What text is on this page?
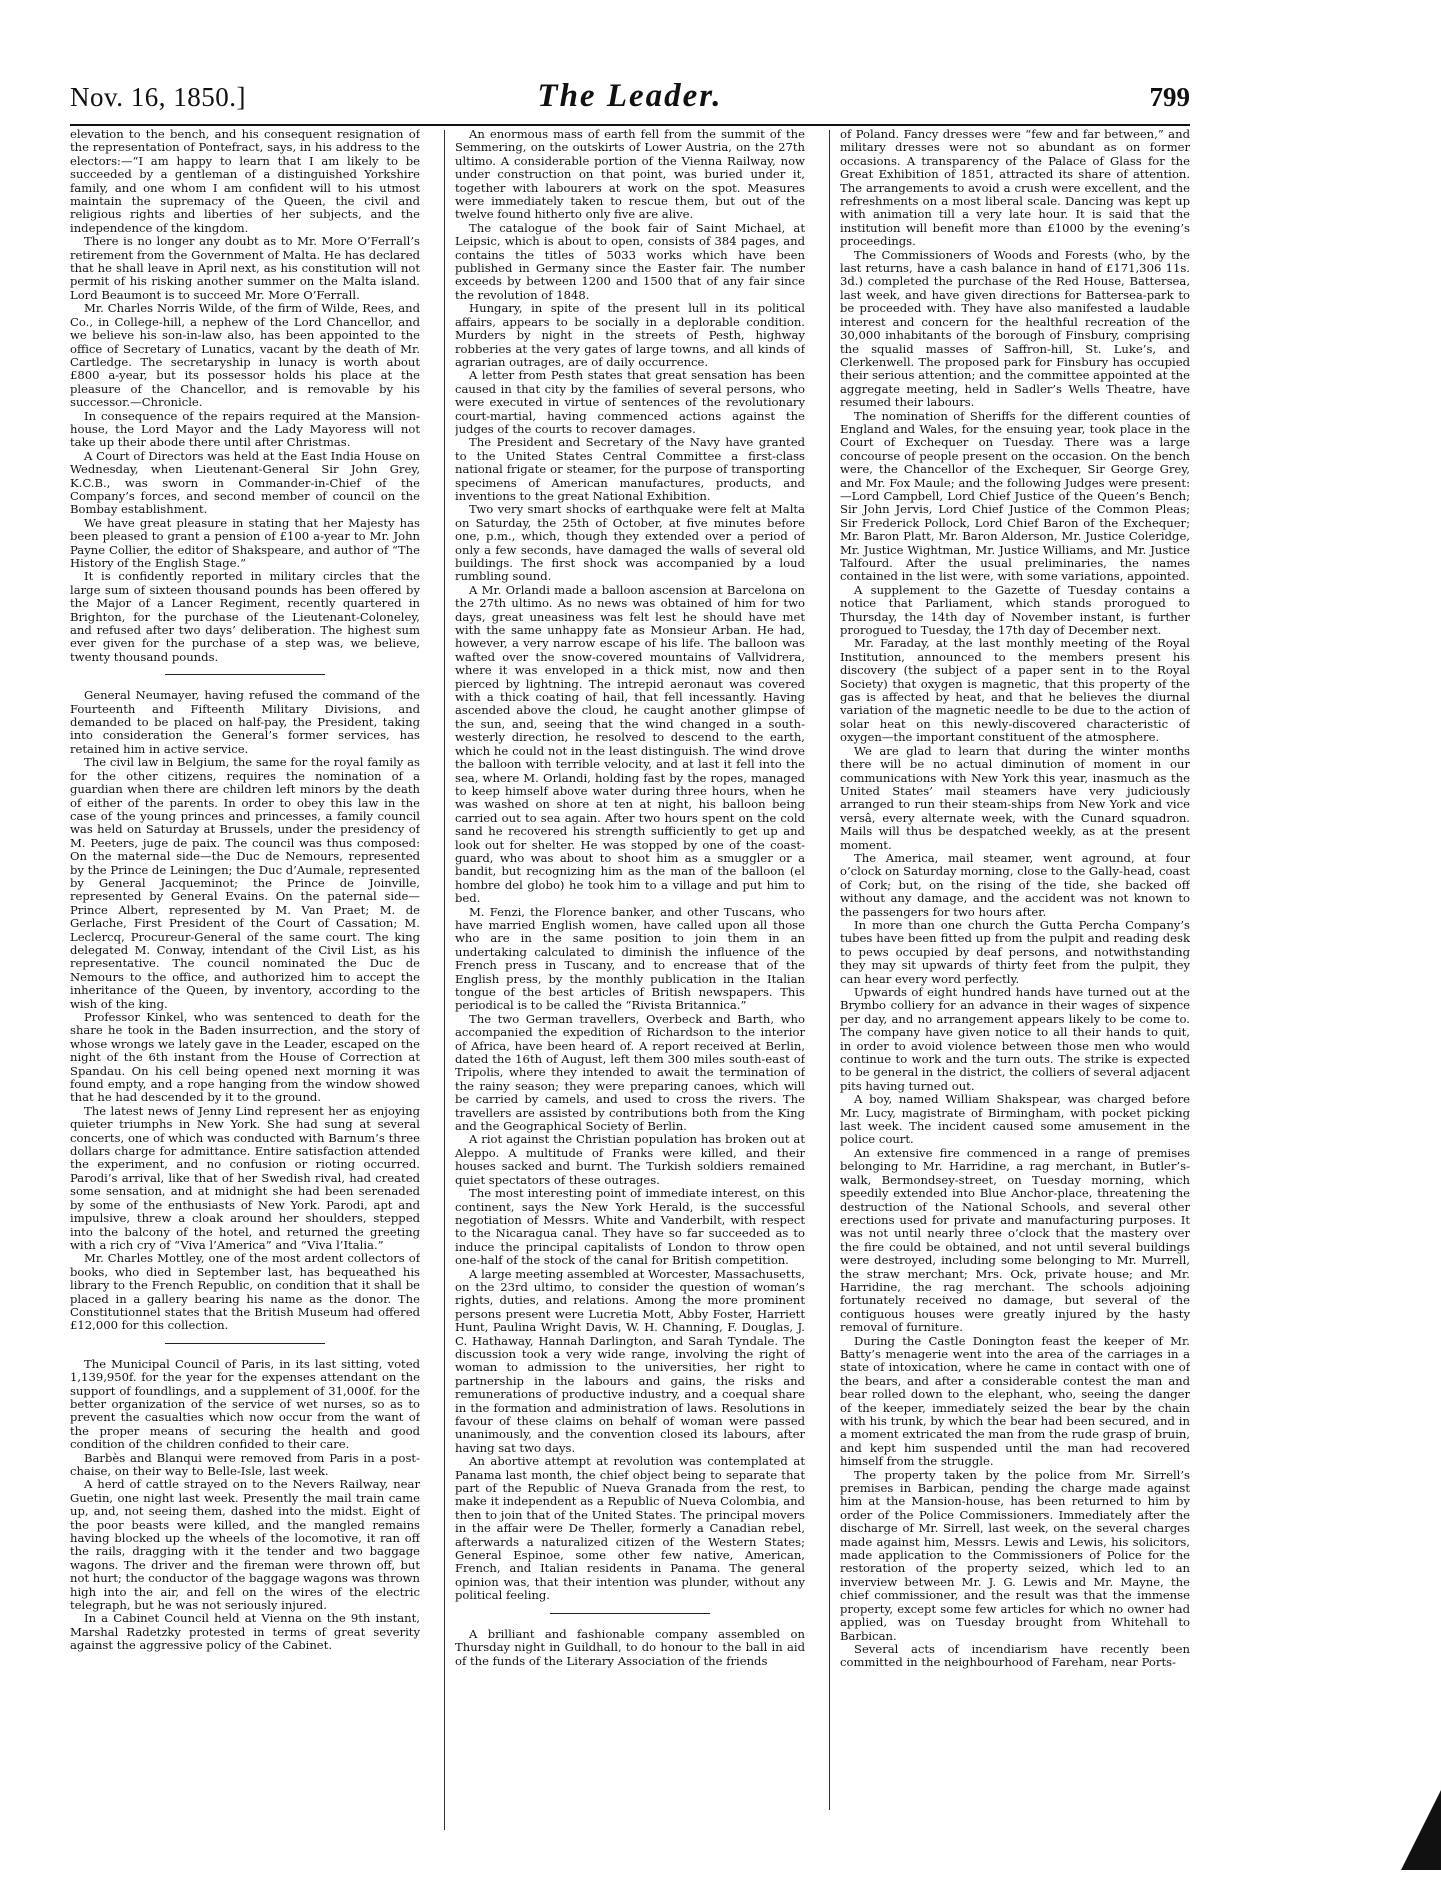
Nov. 16, 1850.]	The Leader.	799

elevation to the bench, and his consequent resignation of the representation of Pontefract, says, in his address to the electors:—“I am happy to learn that I am likely to be succeeded by a gentleman of a distinguished Yorkshire family, and one whom I am confident will to his utmost maintain the supremacy of the Queen, the civil and religious rights and liberties of her subjects, and the independence of the kingdom.

There is no longer any doubt as to Mr. More O’Ferrall’s retirement from the Government of Malta. He has declared that he shall leave in April next, as his constitution will not permit of his risking another summer on the Malta island. Lord Beaumont is to succeed Mr. More O’Ferrall.

Mr. Charles Norris Wilde, of the firm of Wilde, Rees, and Co., in College-hill, a nephew of the Lord Chancellor, and we believe his son-in-law also, has been appointed to the office of Secretary of Lunatics, vacant by the death of Mr. Cartledge. The secretaryship in lunacy is worth about £800 a-year, but its possessor holds his place at the pleasure of the Chancellor, and is removable by his successor.—Chronicle.

In consequence of the repairs required at the Mansion-house, the Lord Mayor and the Lady Mayoress will not take up their abode there until after Christmas.

A Court of Directors was held at the East India House on Wednesday, when Lieutenant-General Sir John Grey, K.C.B., was sworn in Commander-in-Chief of the Company’s forces, and second member of council on the Bombay establishment.

We have great pleasure in stating that her Majesty has been pleased to grant a pension of £100 a-year to Mr. John Payne Collier, the editor of Shakspeare, and author of “The History of the English Stage.”

It is confidently reported in military circles that the large sum of sixteen thousand pounds has been offered by the Major of a Lancer Regiment, recently quartered in Brighton, for the purchase of the Lieutenant-Coloneley, and refused after two days’ deliberation. The highest sum ever given for the purchase of a step was, we believe, twenty thousand pounds.

General Neumayer, having refused the command of the Fourteenth and Fifteenth Military Divisions, and demanded to be placed on half-pay, the President, taking into consideration the General’s former services, has retained him in active service.

The civil law in Belgium, the same for the royal family as for the other citizens, requires the nomination of a guardian when there are children left minors by the death of either of the parents. In order to obey this law in the case of the young princes and princesses, a family council was held on Saturday at Brussels, under the presidency of M. Peeters, juge de paix. The council was thus composed: On the maternal side—the Duc de Nemours, represented by the Prince de Leiningen; the Duc d’Aumale, represented by General Jacqueminot; the Prince de Joinville, represented by General Evains. On the paternal side—Prince Albert, represented by M. Van Praet; M. de Gerlache, First President of the Court of Cassation; M. Leclercq, Procureur-General of the same court. The king delegated M. Conway, intendant of the Civil List, as his representative. The council nominated the Duc de Nemours to the office, and authorized him to accept the inheritance of the Queen, by inventory, according to the wish of the king.

Professor Kinkel, who was sentenced to death for the share he took in the Baden insurrection, and the story of whose wrongs we lately gave in the Leader, escaped on the night of the 6th instant from the House of Correction at Spandau. On his cell being opened next morning it was found empty, and a rope hanging from the window showed that he had descended by it to the ground.

The latest news of Jenny Lind represent her as enjoying quieter triumphs in New York. She had sung at several concerts, one of which was conducted with Barnum’s three dollars charge for admittance. Entire satisfaction attended the experiment, and no confusion or rioting occurred. Parodi’s arrival, like that of her Swedish rival, had created some sensation, and at midnight she had been serenaded by some of the enthusiasts of New York. Parodi, apt and impulsive, threw a cloak around her shoulders, stepped into the balcony of the hotel, and returned the greeting with a rich cry of “Viva l’America” and “Viva l’Italia.”

Mr. Charles Mottley, one of the most ardent collectors of books, who died in September last, has bequeathed his library to the French Republic, on condition that it shall be placed in a gallery bearing his name as the donor. The Constitutionnel states that the British Museum had offered £12,000 for this collection.

The Municipal Council of Paris, in its last sitting, voted 1,139,950f. for the year for the expenses attendant on the support of foundlings, and a supplement of 31,000f. for the better organization of the service of wet nurses, so as to prevent the casualties which now occur from the want of the proper means of securing the health and good condition of the children confided to their care.

Barbès and Blanqui were removed from Paris in a post-chaise, on their way to Belle-Isle, last week.

A herd of cattle strayed on to the Nevers Railway, near Guetin, one night last week. Presently the mail train came up, and, not seeing them, dashed into the midst. Eight of the poor beasts were killed, and the mangled remains having blocked up the wheels of the locomotive, it ran off the rails, dragging with it the tender and two baggage wagons. The driver and the fireman were thrown off, but not hurt; the conductor of the baggage wagons was thrown high into the air, and fell on the wires of the electric telegraph, but he was not seriously injured.

In a Cabinet Council held at Vienna on the 9th instant, Marshal Radetzky protested in terms of great severity against the aggressive policy of the Cabinet.

An enormous mass of earth fell from the summit of the Semmering, on the outskirts of Lower Austria, on the 27th ultimo. A considerable portion of the Vienna Railway, now under construction on that point, was buried under it, together with labourers at work on the spot. Measures were immediately taken to rescue them, but out of the twelve found hitherto only five are alive.

The catalogue of the book fair of Saint Michael, at Leipsic, which is about to open, consists of 384 pages, and contains the titles of 5033 works which have been published in Germany since the Easter fair. The number exceeds by between 1200 and 1500 that of any fair since the revolution of 1848.

Hungary, in spite of the present lull in its political affairs, appears to be socially in a deplorable condition. Murders by night in the streets of Pesth, highway robberies at the very gates of large towns, and all kinds of agrarian outrages, are of daily occurrence.

A letter from Pesth states that great sensation has been caused in that city by the families of several persons, who were executed in virtue of sentences of the revolutionary court-martial, having commenced actions against the judges of the courts to recover damages.

The President and Secretary of the Navy have granted to the United States Central Committee a first-class national frigate or steamer, for the purpose of transporting specimens of American manufactures, products, and inventions to the great National Exhibition.

Two very smart shocks of earthquake were felt at Malta on Saturday, the 25th of October, at five minutes before one, p.m., which, though they extended over a period of only a few seconds, have damaged the walls of several old buildings. The first shock was accompanied by a loud rumbling sound.

A Mr. Orlandi made a balloon ascension at Barcelona on the 27th ultimo. As no news was obtained of him for two days, great uneasiness was felt lest he should have met with the same unhappy fate as Monsieur Arban. He had, however, a very narrow escape of his life. The balloon was wafted over the snow-covered mountains of Vallvidrera, where it was enveloped in a thick mist, now and then pierced by lightning. The intrepid aeronaut was covered with a thick coating of hail, that fell incessantly. Having ascended above the cloud, he caught another glimpse of the sun, and, seeing that the wind changed in a south-westerly direction, he resolved to descend to the earth, which he could not in the least distinguish. The wind drove the balloon with terrible velocity, and at last it fell into the sea, where M. Orlandi, holding fast by the ropes, managed to keep himself above water during three hours, when he was washed on shore at ten at night, his balloon being carried out to sea again. After two hours spent on the cold sand he recovered his strength sufficiently to get up and look out for shelter. He was stopped by one of the coast-guard, who was about to shoot him as a smuggler or a bandit, but recognizing him as the man of the balloon (el hombre del globo) he took him to a village and put him to bed.

M. Fenzi, the Florence banker, and other Tuscans, who have married English women, have called upon all those who are in the same position to join them in an undertaking calculated to diminish the influence of the French press in Tuscany, and to encrease that of the English press, by the monthly publication in the Italian tongue of the best articles of British newspapers. This periodical is to be called the “Rivista Britannica.”

The two German travellers, Overbeck and Barth, who accompanied the expedition of Richardson to the interior of Africa, have been heard of. A report received at Berlin, dated the 16th of August, left them 300 miles south-east of Tripolis, where they intended to await the termination of the rainy season; they were preparing canoes, which will be carried by camels, and used to cross the rivers. The travellers are assisted by contributions both from the King and the Geographical Society of Berlin.

A riot against the Christian population has broken out at Aleppo. A multitude of Franks were killed, and their houses sacked and burnt. The Turkish soldiers remained quiet spectators of these outrages.

The most interesting point of immediate interest, on this continent, says the New York Herald, is the successful negotiation of Messrs. White and Vanderbilt, with respect to the Nicaragua canal. They have so far succeeded as to induce the principal capitalists of London to throw open one-half of the stock of the canal for British competition.

A large meeting assembled at Worcester, Massachusetts, on the 23rd ultimo, to consider the question of woman’s rights, duties, and relations. Among the more prominent persons present were Lucretia Mott, Abby Foster, Harriett Hunt, Paulina Wright Davis, W. H. Channing, F. Douglas, J. C. Hathaway, Hannah Darlington, and Sarah Tyndale. The discussion took a very wide range, involving the right of woman to admission to the universities, her right to partnership in the labours and gains, the risks and remunerations of productive industry, and a coequal share in the formation and administration of laws. Resolutions in favour of these claims on behalf of woman were passed unanimously, and the convention closed its labours, after having sat two days.

An abortive attempt at revolution was contemplated at Panama last month, the chief object being to separate that part of the Republic of Nueva Granada from the rest, to make it independent as a Republic of Nueva Colombia, and then to join that of the United States. The principal movers in the affair were De Theller, formerly a Canadian rebel, afterwards a naturalized citizen of the Western States; General Espinoe, some other few native, American, French, and Italian residents in Panama. The general opinion was, that their intention was plunder, without any political feeling.

A brilliant and fashionable company assembled on Thursday night in Guildhall, to do honour to the ball in aid of the funds of the Literary Association of the friends

of Poland. Fancy dresses were “few and far between,” and military dresses were not so abundant as on former occasions. A transparency of the Palace of Glass for the Great Exhibition of 1851, attracted its share of attention. The arrangements to avoid a crush were excellent, and the refreshments on a most liberal scale. Dancing was kept up with animation till a very late hour. It is said that the institution will benefit more than £1000 by the evening’s proceedings.

The Commissioners of Woods and Forests (who, by the last returns, have a cash balance in hand of £171,306 11s. 3d.) completed the purchase of the Red House, Battersea, last week, and have given directions for Battersea-park to be proceeded with. They have also manifested a laudable interest and concern for the healthful recreation of the 30,000 inhabitants of the borough of Finsbury, comprising the squalid masses of Saffron-hill, St. Luke’s, and Clerkenwell. The proposed park for Finsbury has occupied their serious attention; and the committee appointed at the aggregate meeting, held in Sadler’s Wells Theatre, have resumed their labours.

The nomination of Sheriffs for the different counties of England and Wales, for the ensuing year, took place in the Court of Exchequer on Tuesday. There was a large concourse of people present on the occasion. On the bench were, the Chancellor of the Exchequer, Sir George Grey, and Mr. Fox Maule; and the following Judges were present:—Lord Campbell, Lord Chief Justice of the Queen’s Bench; Sir John Jervis, Lord Chief Justice of the Common Pleas; Sir Frederick Pollock, Lord Chief Baron of the Exchequer; Mr. Baron Platt, Mr. Baron Alderson, Mr. Justice Coleridge, Mr. Justice Wightman, Mr. Justice Williams, and Mr. Justice Talfourd. After the usual preliminaries, the names contained in the list were, with some variations, appointed.

A supplement to the Gazette of Tuesday contains a notice that Parliament, which stands prorogued to Thursday, the 14th day of November instant, is further prorogued to Tuesday, the 17th day of December next.

Mr. Faraday, at the last monthly meeting of the Royal Institution, announced to the members present his discovery (the subject of a paper sent in to the Royal Society) that oxygen is magnetic, that this property of the gas is affected by heat, and that he believes the diurnal variation of the magnetic needle to be due to the action of solar heat on this newly-discovered characteristic of oxygen—the important constituent of the atmosphere.

We are glad to learn that during the winter months there will be no actual diminution of moment in our communications with New York this year, inasmuch as the United States’ mail steamers have very judiciously arranged to run their steam-ships from New York and vice versâ, every alternate week, with the Cunard squadron. Mails will thus be despatched weekly, as at the present moment.

The America, mail steamer, went aground, at four o’clock on Saturday morning, close to the Gally-head, coast of Cork; but, on the rising of the tide, she backed off without any damage, and the accident was not known to the passengers for two hours after.

In more than one church the Gutta Percha Company’s tubes have been fitted up from the pulpit and reading desk to pews occupied by deaf persons, and notwithstanding they may sit upwards of thirty feet from the pulpit, they can hear every word perfectly.

Upwards of eight hundred hands have turned out at the Brymbo colliery for an advance in their wages of sixpence per day, and no arrangement appears likely to be come to. The company have given notice to all their hands to quit, in order to avoid violence between those men who would continue to work and the turn outs. The strike is expected to be general in the district, the colliers of several adjacent pits having turned out.

A boy, named William Shakspear, was charged before Mr. Lucy, magistrate of Birmingham, with pocket picking last week. The incident caused some amusement in the police court.

An extensive fire commenced in a range of premises belonging to Mr. Harridine, a rag merchant, in Butler’s-walk, Bermondsey-street, on Tuesday morning, which speedily extended into Blue Anchor-place, threatening the destruction of the National Schools, and several other erections used for private and manufacturing purposes. It was not until nearly three o’clock that the mastery over the fire could be obtained, and not until several buildings were destroyed, including some belonging to Mr. Murrell, the straw merchant; Mrs. Ock, private house; and Mr. Harridine, the rag merchant. The schools adjoining fortunately received no damage, but several of the contiguous houses were greatly injured by the hasty removal of furniture.

During the Castle Donington feast the keeper of Mr. Batty’s menagerie went into the area of the carriages in a state of intoxication, where he came in contact with one of the bears, and after a considerable contest the man and bear rolled down to the elephant, who, seeing the danger of the keeper, immediately seized the bear by the chain with his trunk, by which the bear had been secured, and in a moment extricated the man from the rude grasp of bruin, and kept him suspended until the man had recovered himself from the struggle.

The property taken by the police from Mr. Sirrell’s premises in Barbican, pending the charge made against him at the Mansion-house, has been returned to him by order of the Police Commissioners. Immediately after the discharge of Mr. Sirrell, last week, on the several charges made against him, Messrs. Lewis and Lewis, his solicitors, made application to the Commissioners of Police for the restoration of the property seized, which led to an inverview between Mr. J. G. Lewis and Mr. Mayne, the chief commissioner, and the result was that the immense property, except some few articles for which no owner had applied, was on Tuesday brought from Whitehall to Barbican.

Several acts of incendiarism have recently been committed in the neighbourhood of Fareham, near Ports-
